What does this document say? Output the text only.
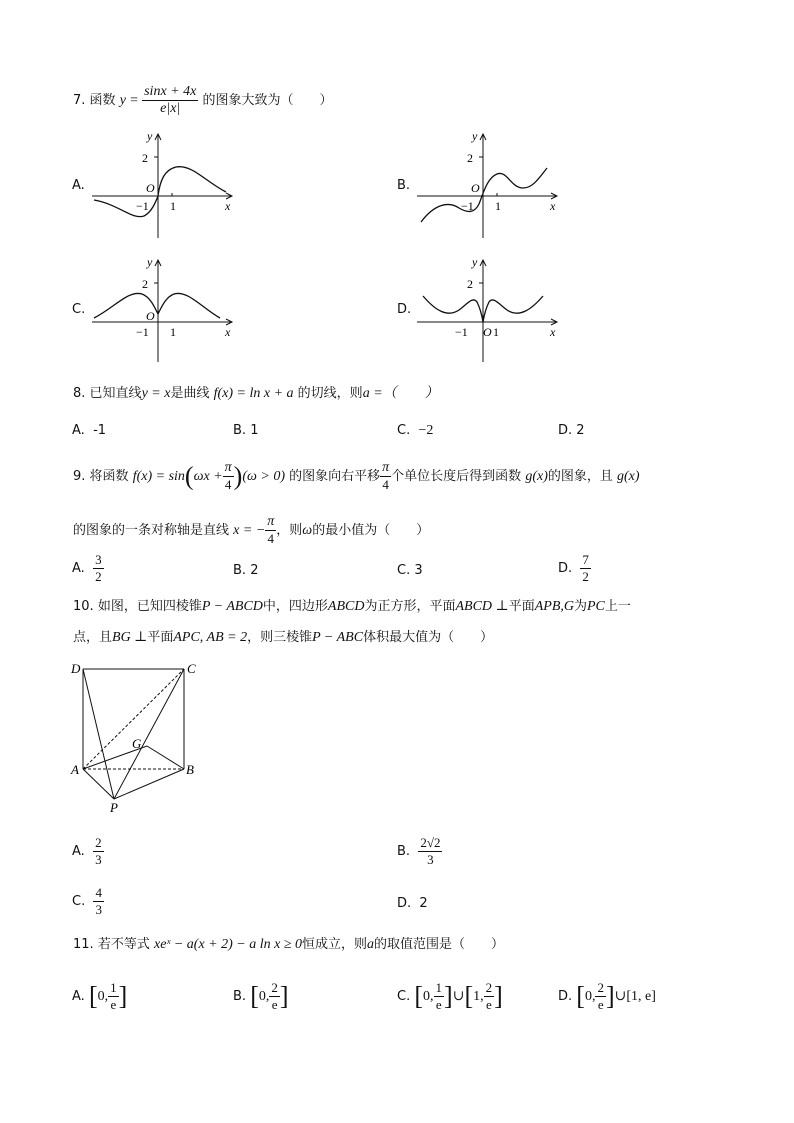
7. 函数 $y = \frac{\sin x + 4x}{e|x|}$ 的图象大致为（　　）
A.
y
2
O
−1 1	x
B.
y
2
O
−1 1	x
C.
y
2
O
−1 1	x
D.
y
2
−1 O 1	x
8. 已知直线y = x是曲线 f(x) = ln x + a 的切线，则a =（　　）
A. -1	B. 1	C. −2	D. 2
9. 将函数 $f(x) = \sin(\omega x + \frac{\pi}{4} )(\omega > 0)$ 的图象向右平移 $\frac{\pi}{4}$ 个单位长度后得到函数 g(x)的图象，且 g(x)
的图象的一条对称轴是直线 x = − $\frac{\pi}{4}$ ，则ω的最小值为（　　）
A. $\frac{3}{2}$	B. 2	C. 3	D. $\frac{7}{2}$
10. 如图，已知四棱锥P − ABCD中，四边形ABCD为正方形，平面ABCD ⊥平面APB,G为PC上一
点，且BG ⊥平面APC, AB = 2，则三棱锥P − ABC体积最大值为（　　）
D	C
G
A	B
P
A. $\frac{2}{3}$	B. $\frac{2√2}{3}$
C. $\frac{4}{3}$	D. 2
11. 若不等式 xeˣ − a(x + 2) − a ln x ≥ 0恒成立，则a的取值范围是（　　）
A. [0, $\frac{1}{e}$ ]	B. [0, $\frac{2}{e}$ ]	C. [0, $\frac{1}{e}$ ]∪[1, $\frac{2}{e}$ ]	D. [0, $\frac{2}{e}$ ]∪[1, e]
